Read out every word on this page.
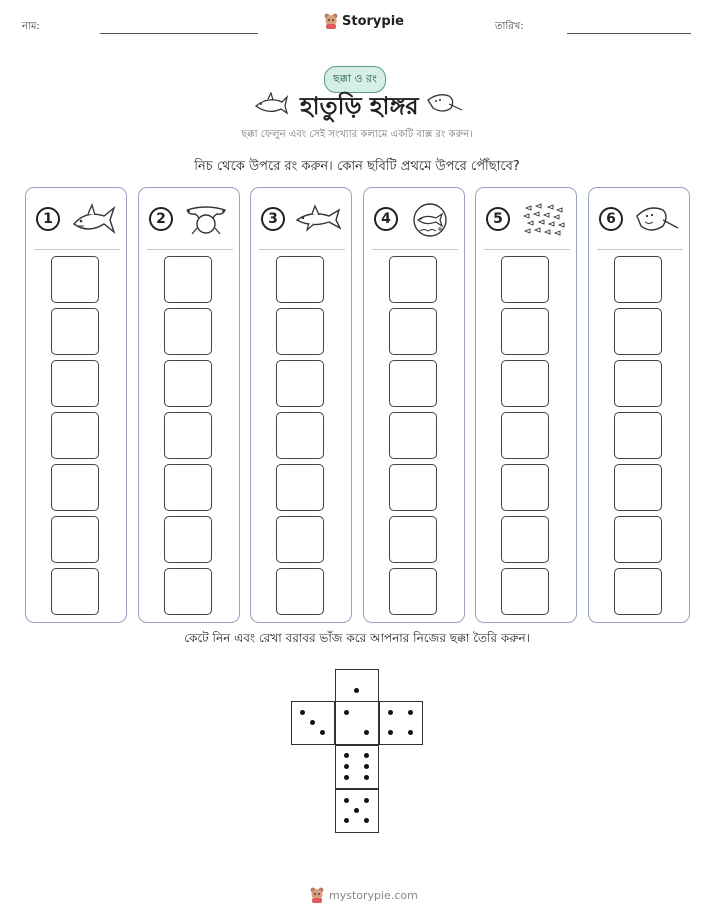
নাম:	Storypie	তারিখ:
ছক্কা ও রং
হাতুড়ি হাঙ্গর
ছক্কা ফেলুন এবং সেই সংখ্যার কলামে একটি বাক্স রং করুন।
নিচ থেকে উপরে রং করুন। কোন ছবিটি প্রথমে উপরে পৌঁছাবে?
1	2	3	4	5	6
কেটে নিন এবং রেখা বরাবর ভাঁজ করে আপনার নিজের ছক্কা তৈরি করুন।
mystorypie.com
